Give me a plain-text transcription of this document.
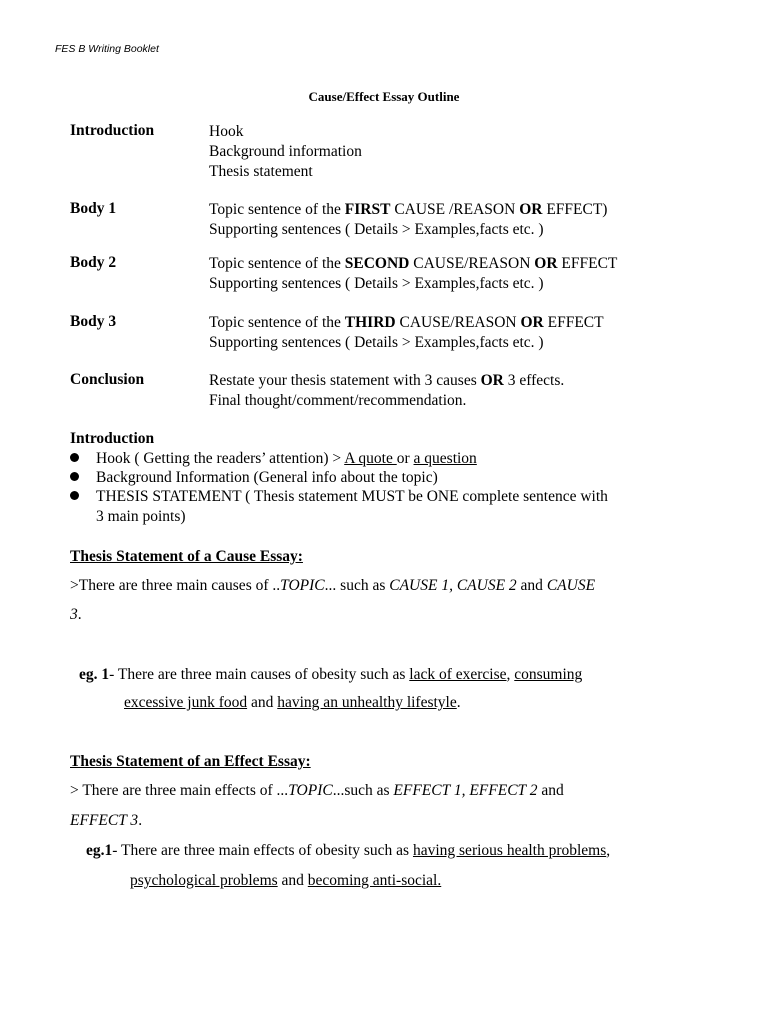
FES B Writing Booklet
Cause/Effect Essay Outline
Introduction	Hook
Background information
Thesis statement
Body 1	Topic sentence of the FIRST CAUSE /REASON OR EFFECT)
Supporting sentences ( Details > Examples,facts etc. )
Body 2	Topic sentence of the SECOND CAUSE/REASON OR EFFECT
Supporting sentences ( Details > Examples,facts etc. )
Body 3	Topic sentence of the THIRD CAUSE/REASON OR EFFECT
Supporting sentences ( Details > Examples,facts etc. )
Conclusion	Restate your thesis statement with 3 causes OR 3 effects.
Final thought/comment/recommendation.
Introduction
Hook ( Getting the readers’ attention) > A quote or a question
Background Information (General info about the topic)
THESIS STATEMENT ( Thesis statement MUST be ONE complete sentence with
3 main points)
Thesis Statement of a Cause Essay:
>There are three main causes of ..TOPIC... such as CAUSE 1, CAUSE 2 and CAUSE
3.
eg. 1- There are three main causes of obesity such as lack of exercise, consuming
excessive junk food and having an unhealthy lifestyle.
Thesis Statement of an Effect Essay:
> There are three main effects of ...TOPIC...such as EFFECT 1, EFFECT 2 and
EFFECT 3.
eg.1- There are three main effects of obesity such as having serious health problems,
psychological problems and becoming anti-social.
